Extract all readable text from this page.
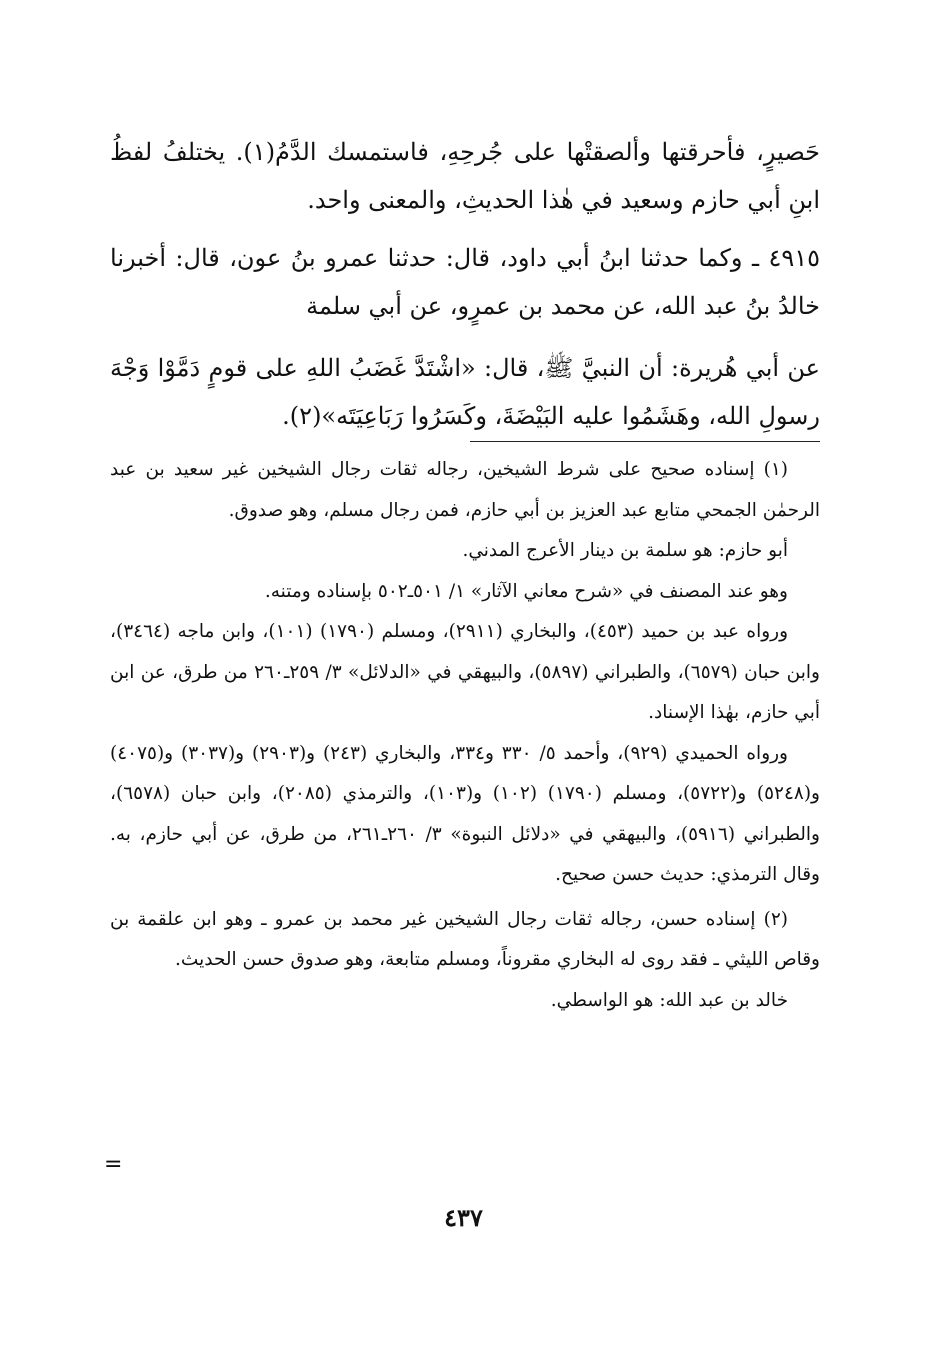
حَصيرٍ، فأحرقتها وألصقتْها على جُرحِهِ، فاستمسك الدَّمُ(١). يختلفُ لفظُ ابنِ أبي حازم وسعيد في هٰذا الحديثِ، والمعنى واحد.

٤٩١٥ ـ وكما حدثنا ابنُ أبي داود، قال: حدثنا عمرو بنُ عون، قال: أخبرنا خالدُ بنُ عبد الله، عن محمد بن عمرٍو، عن أبي سلمة

عن أبي هُريرة: أن النبيَّ ﷺ، قال: «اشْتَدَّ غَضَبُ اللهِ على قومٍ دَمَّوْا وَجْهَ رسولِ الله، وهَشَمُوا عليه البَيْضَةَ، وكَسَرُوا رَبَاعِيَتَه»(٢).

(١) إسناده صحيح على شرط الشيخين، رجاله ثقات رجال الشيخين غير سعيد بن عبد الرحمٰن الجمحي متابع عبد العزيز بن أبي حازم، فمن رجال مسلم، وهو صدوق.

أبو حازم: هو سلمة بن دينار الأعرج المدني.

وهو عند المصنف في «شرح معاني الآثار» ١/ ٥٠١ـ٥٠٢ بإسناده ومتنه.

ورواه عبد بن حميد (٤٥٣)، والبخاري (٢٩١١)، ومسلم (١٧٩٠) (١٠١)، وابن ماجه (٣٤٦٤)، وابن حبان (٦٥٧٩)، والطبراني (٥٨٩٧)، والبيهقي في «الدلائل» ٣/ ٢٥٩ـ٢٦٠ من طرق، عن ابن أبي حازم، بهٰذا الإسناد.

ورواه الحميدي (٩٢٩)، وأحمد ٥/ ٣٣٠ و٣٣٤، والبخاري (٢٤٣) و(٢٩٠٣) و(٣٠٣٧) و(٤٠٧٥) و(٥٢٤٨) و(٥٧٢٢)، ومسلم (١٧٩٠) (١٠٢) و(١٠٣)، والترمذي (٢٠٨٥)، وابن حبان (٦٥٧٨)، والطبراني (٥٩١٦)، والبيهقي في «دلائل النبوة» ٣/ ٢٦٠ـ٢٦١، من طرق، عن أبي حازم، به. وقال الترمذي: حديث حسن صحيح.

(٢) إسناده حسن، رجاله ثقات رجال الشيخين غير محمد بن عمرو ـ وهو ابن علقمة بن وقاص الليثي ـ فقد روى له البخاري مقروناً، ومسلم متابعة، وهو صدوق حسن الحديث.

خالد بن عبد الله: هو الواسطي.

=
٤٣٧
